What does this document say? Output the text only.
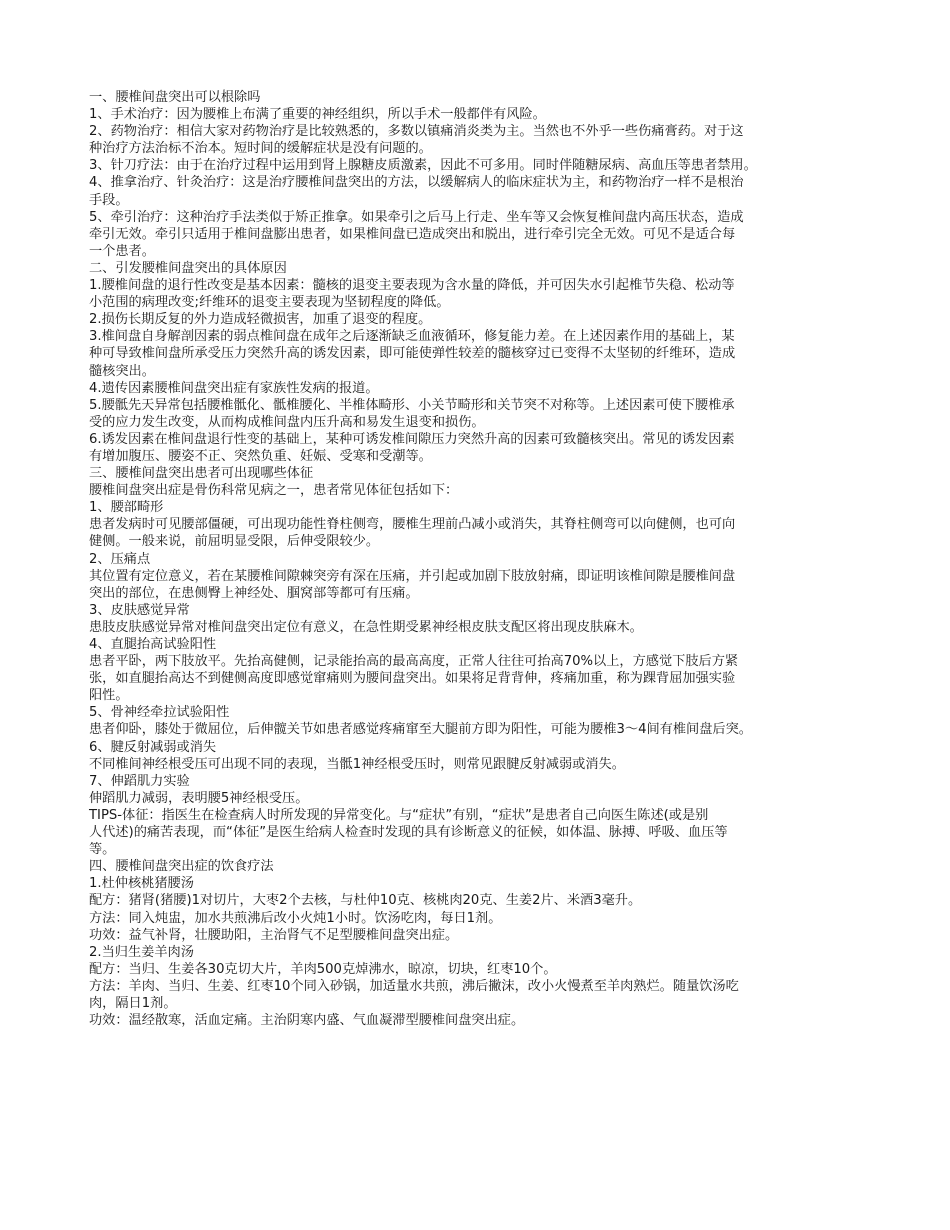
一、腰椎间盘突出可以根除吗
1、手术治疗：因为腰椎上布满了重要的神经组织，所以手术一般都伴有风险。
2、药物治疗：相信大家对药物治疗是比较熟悉的，多数以镇痛消炎类为主。当然也不外乎一些伤痛膏药。对于这
种治疗方法治标不治本。短时间的缓解症状是没有问题的。
3、针刀疗法：由于在治疗过程中运用到肾上腺糖皮质激素，因此不可多用。同时伴随糖尿病、高血压等患者禁用。
4、推拿治疗、针灸治疗：这是治疗腰椎间盘突出的方法，以缓解病人的临床症状为主，和药物治疗一样不是根治
手段。
5、牵引治疗：这种治疗手法类似于矫正推拿。如果牵引之后马上行走、坐车等又会恢复椎间盘内高压状态，造成
牵引无效。牵引只适用于椎间盘膨出患者，如果椎间盘已造成突出和脱出，进行牵引完全无效。可见不是适合每
一个患者。
二、引发腰椎间盘突出的具体原因
1.腰椎间盘的退行性改变是基本因素：髓核的退变主要表现为含水量的降低，并可因失水引起椎节失稳、松动等
小范围的病理改变;纤维环的退变主要表现为坚韧程度的降低。
2.损伤长期反复的外力造成轻微损害，加重了退变的程度。
3.椎间盘自身解剖因素的弱点椎间盘在成年之后逐渐缺乏血液循环，修复能力差。在上述因素作用的基础上，某
种可导致椎间盘所承受压力突然升高的诱发因素，即可能使弹性较差的髓核穿过已变得不太坚韧的纤维环，造成
髓核突出。
4.遗传因素腰椎间盘突出症有家族性发病的报道。
5.腰骶先天异常包括腰椎骶化、骶椎腰化、半椎体畸形、小关节畸形和关节突不对称等。上述因素可使下腰椎承
受的应力发生改变，从而构成椎间盘内压升高和易发生退变和损伤。
6.诱发因素在椎间盘退行性变的基础上，某种可诱发椎间隙压力突然升高的因素可致髓核突出。常见的诱发因素
有增加腹压、腰姿不正、突然负重、妊娠、受寒和受潮等。
三、腰椎间盘突出患者可出现哪些体征
腰椎间盘突出症是骨伤科常见病之一，患者常见体征包括如下：
1、腰部畸形
患者发病时可见腰部僵硬，可出现功能性脊柱侧弯，腰椎生理前凸减小或消失，其脊柱侧弯可以向健侧，也可向
健侧。一般来说，前屈明显受限，后伸受限较少。
2、压痛点
其位置有定位意义，若在某腰椎间隙棘突旁有深在压痛，并引起或加剧下肢放射痛，即证明该椎间隙是腰椎间盘
突出的部位，在患侧臀上神经处、腘窝部等都可有压痛。
3、皮肤感觉异常
患肢皮肤感觉异常对椎间盘突出定位有意义，在急性期受累神经根皮肤支配区将出现皮肤麻木。
4、直腿抬高试验阳性
患者平卧，两下肢放平。先抬高健侧，记录能抬高的最高高度，正常人往往可抬高70%以上，方感觉下肢后方紧
张，如直腿抬高达不到健侧高度即感觉窜痛则为腰间盘突出。如果将足背背伸，疼痛加重，称为踝背屈加强实验
阳性。
5、骨神经牵拉试验阳性
患者仰卧，膝处于微屈位，后伸髋关节如患者感觉疼痛窜至大腿前方即为阳性，可能为腰椎3～4间有椎间盘后突。
6、腱反射减弱或消失
不同椎间神经根受压可出现不同的表现，当骶1神经根受压时，则常见跟腱反射减弱或消失。
7、伸蹈肌力实验
伸蹈肌力减弱，表明腰5神经根受压。
TIPS-体征：指医生在检查病人时所发现的异常变化。与“症状”有别，“症状”是患者自己向医生陈述(或是别
人代述)的痛苦表现，而“体征”是医生给病人检查时发现的具有诊断意义的征候，如体温、脉搏、呼吸、血压等
等。
四、腰椎间盘突出症的饮食疗法
1.杜仲核桃猪腰汤
配方：猪肾(猪腰)1对切片，大枣2个去核，与杜仲10克、核桃肉20克、生姜2片、米酒3毫升。
方法：同入炖盅，加水共煎沸后改小火炖1小时。饮汤吃肉，每日1剂。
功效：益气补肾，壮腰助阳，主治肾气不足型腰椎间盘突出症。
2.当归生姜羊肉汤
配方：当归、生姜各30克切大片，羊肉500克焯沸水，晾凉，切块，红枣10个。
方法：羊肉、当归、生姜、红枣10个同入砂锅，加适量水共煎，沸后撇沫，改小火慢煮至羊肉熟烂。随量饮汤吃
肉，隔日1剂。
功效：温经散寒，活血定痛。主治阴寒内盛、气血凝滞型腰椎间盘突出症。
